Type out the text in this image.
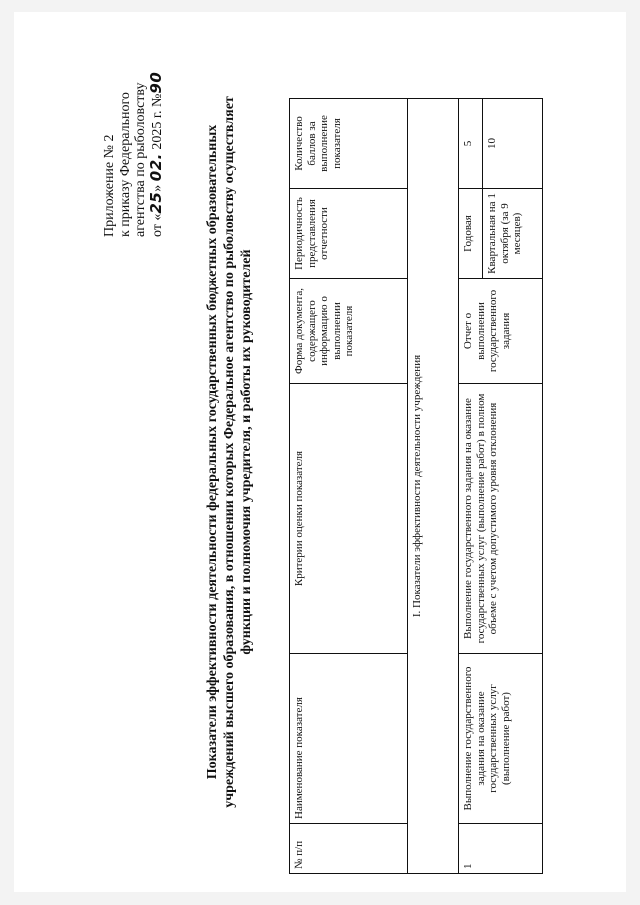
Приложение № 2 к приказу Федерального агентства по рыболовству от «25» 02. 2025 г. №90
Показатели эффективности деятельности федеральных государственных бюджетных образовательных учреждений высшего образования, в отношении которых Федеральное агентство по рыболовству осуществляет функции и полномочия учредителя, и работы их руководителей
№ п/п	Наименование показателя	Критерии оценки показателя	Форма документа, содержащего информацию о выполнении показателя	Периодичность представления отчетности	Количество баллов за выполнение показателя
I. Показатели эффективности деятельности учреждения					
1	Выполнение государственного задания на оказание государственных услуг (выполнение работ)	Выполнение государственного задания на оказание государственных услуг (выполнение работ) в полном объеме с учетом допустимого уровня отклонения	Отчет о выполнении государственного задания	Годовая	5
				Квартальная на 1 октября (за 9 месяцев)	10
